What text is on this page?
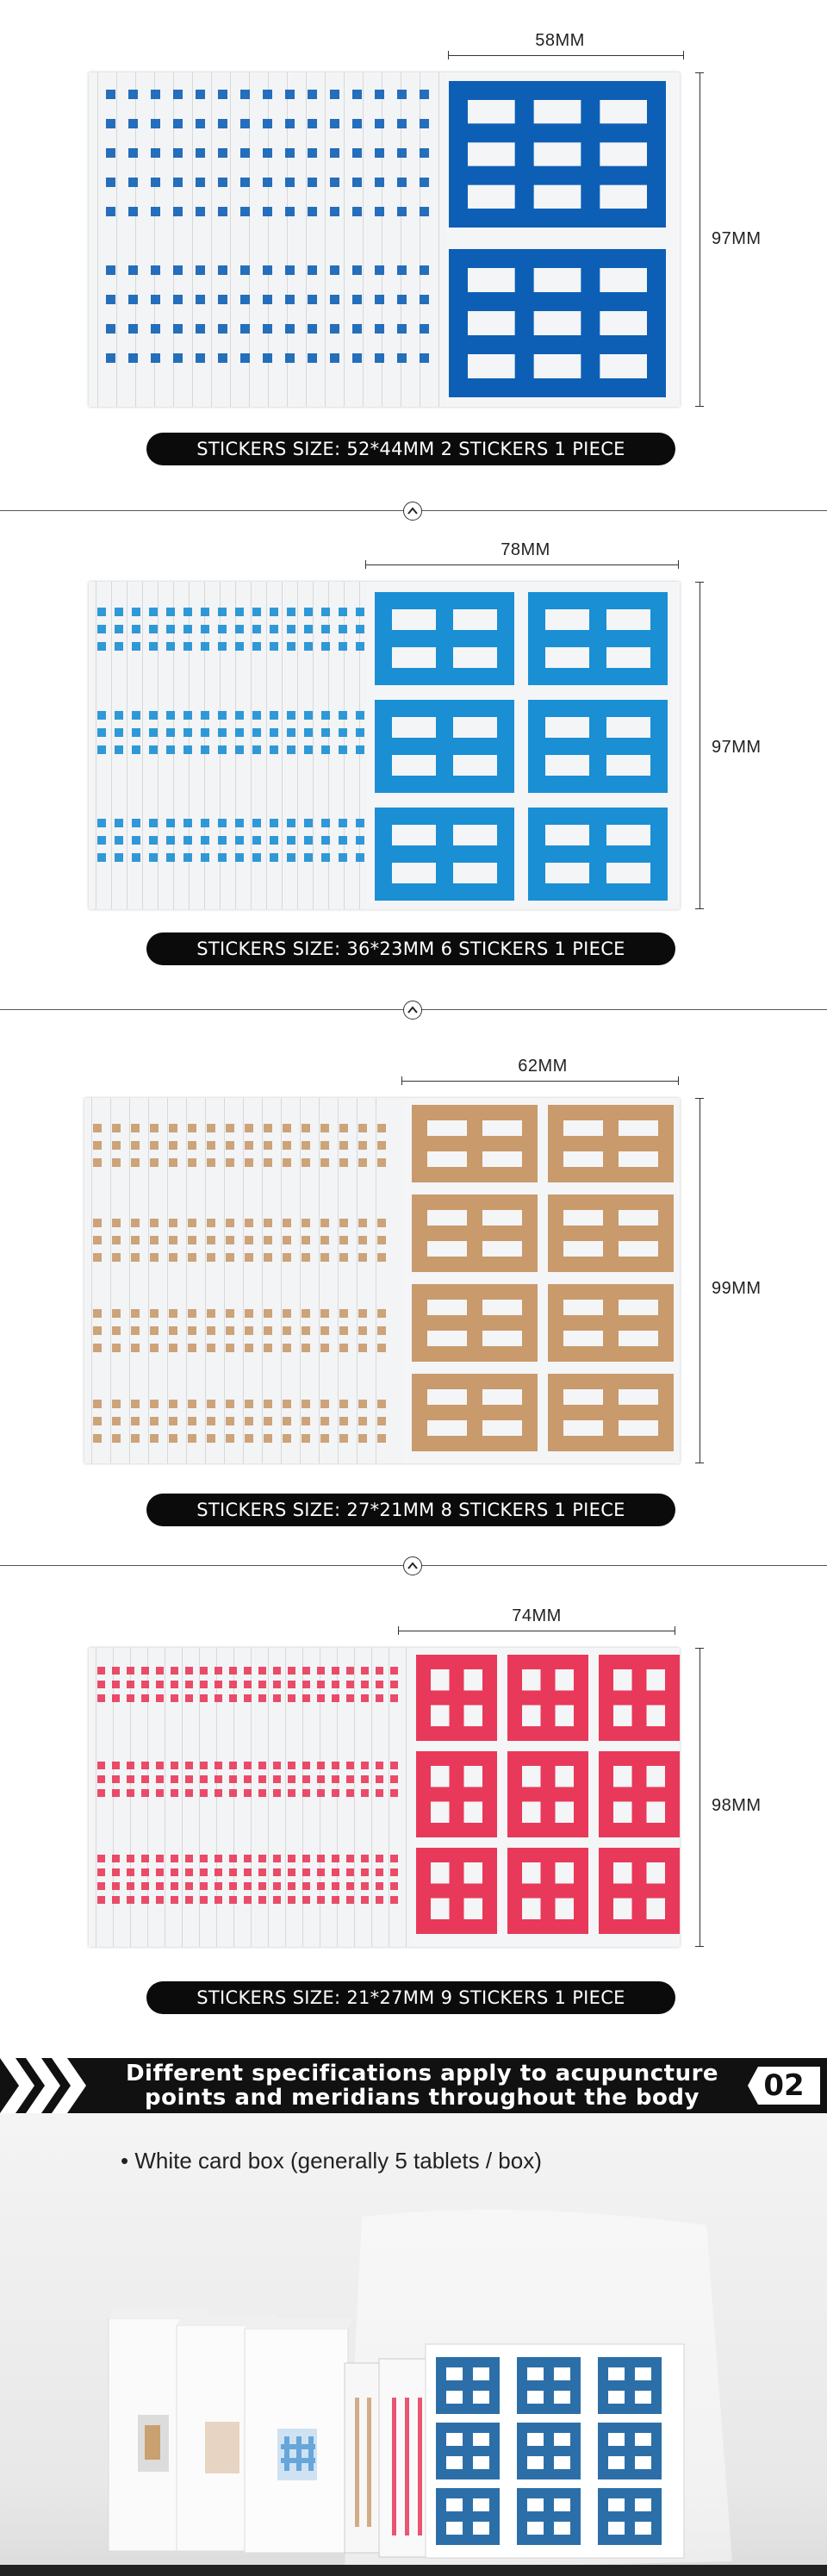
58MM
97MM
STICKERS SIZE: 52*44MM 2 STICKERS 1 PIECE
78MM
97MM
STICKERS SIZE: 36*23MM 6 STICKERS 1 PIECE
62MM
99MM
STICKERS SIZE: 27*21MM 8 STICKERS 1 PIECE
74MM
98MM
STICKERS SIZE: 21*27MM 9 STICKERS 1 PIECE
Different specifications apply to acupuncture
points and meridians throughout the body	02
• White card box (generally 5 tablets / box)
